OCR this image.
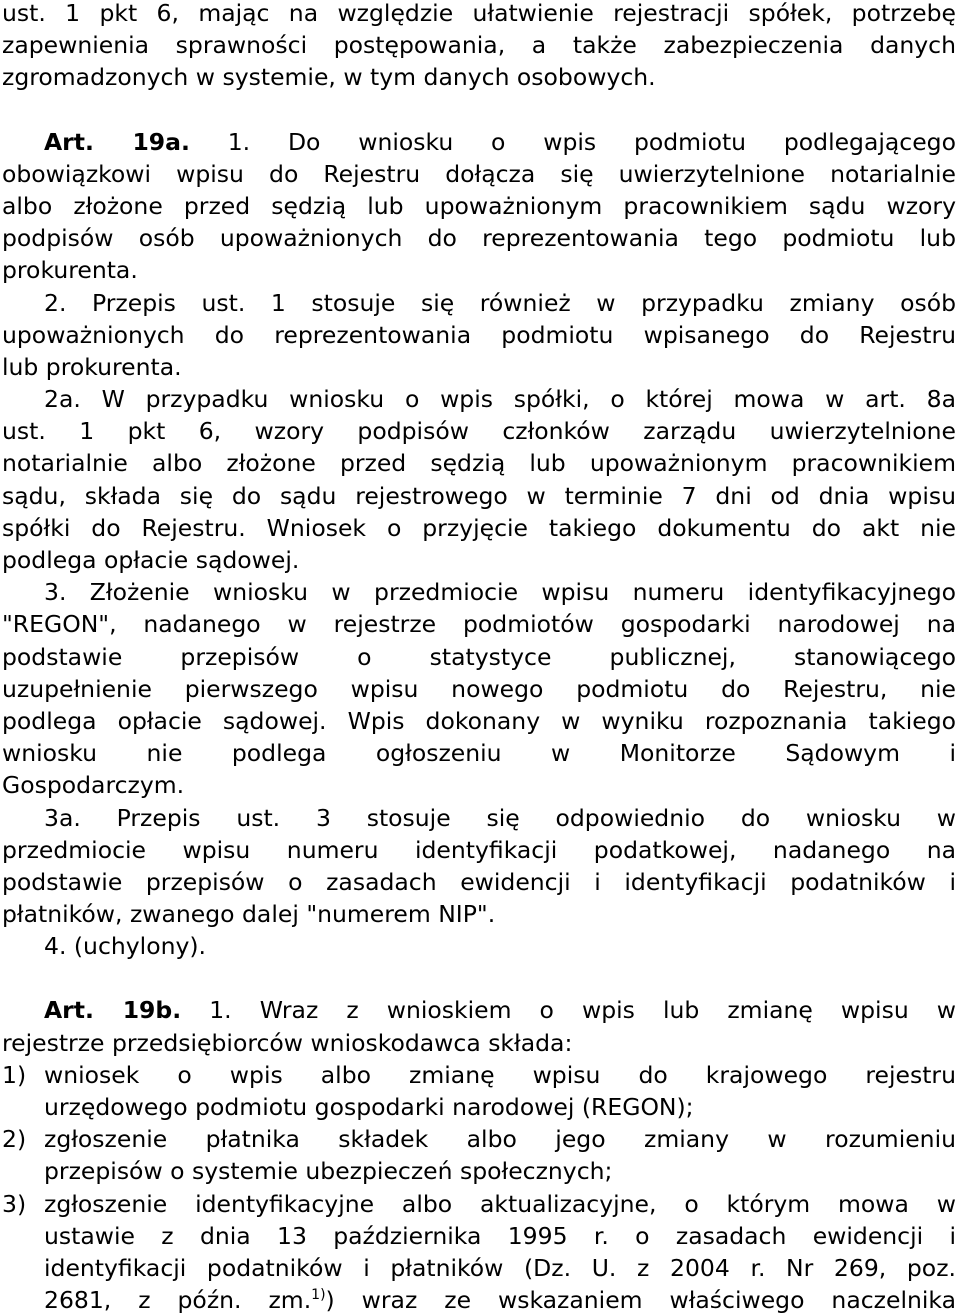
ust. 1 pkt 6, mając na względzie ułatwienie rejestracji spółek, potrzebę
zapewnienia sprawności postępowania, a także zabezpieczenia danych
zgromadzonych w systemie, w tym danych osobowych.
Art. 19a. 1. Do wniosku o wpis podmiotu podlegającego
obowiązkowi wpisu do Rejestru dołącza się uwierzytelnione notarialnie
albo złożone przed sędzią lub upoważnionym pracownikiem sądu wzory
podpisów osób upoważnionych do reprezentowania tego podmiotu lub
prokurenta.
2. Przepis ust. 1 stosuje się również w przypadku zmiany osób
upoważnionych do reprezentowania podmiotu wpisanego do Rejestru
lub prokurenta.
2a. W przypadku wniosku o wpis spółki, o której mowa w art. 8a
ust. 1 pkt 6, wzory podpisów członków zarządu uwierzytelnione
notarialnie albo złożone przed sędzią lub upoważnionym pracownikiem
sądu, składa się do sądu rejestrowego w terminie 7 dni od dnia wpisu
spółki do Rejestru. Wniosek o przyjęcie takiego dokumentu do akt nie
podlega opłacie sądowej.
3. Złożenie wniosku w przedmiocie wpisu numeru identyfikacyjnego
"REGON", nadanego w rejestrze podmiotów gospodarki narodowej na
podstawie przepisów o statystyce publicznej, stanowiącego
uzupełnienie pierwszego wpisu nowego podmiotu do Rejestru, nie
podlega opłacie sądowej. Wpis dokonany w wyniku rozpoznania takiego
wniosku nie podlega ogłoszeniu w Monitorze Sądowym i
Gospodarczym.
3a. Przepis ust. 3 stosuje się odpowiednio do wniosku w
przedmiocie wpisu numeru identyfikacji podatkowej, nadanego na
podstawie przepisów o zasadach ewidencji i identyfikacji podatników i
płatników, zwanego dalej "numerem NIP".
4. (uchylony).
Art. 19b. 1. Wraz z wnioskiem o wpis lub zmianę wpisu w
rejestrze przedsiębiorców wnioskodawca składa:
1) wniosek o wpis albo zmianę wpisu do krajowego rejestru
urzędowego podmiotu gospodarki narodowej (REGON);
2) zgłoszenie płatnika składek albo jego zmiany w rozumieniu
przepisów o systemie ubezpieczeń społecznych;
3) zgłoszenie identyfikacyjne albo aktualizacyjne, o którym mowa w
ustawie z dnia 13 października 1995 r. o zasadach ewidencji i
identyfikacji podatników i płatników (Dz. U. z 2004 r. Nr 269, poz.
2681, z późn. zm.$^{1)}$) wraz ze wskazaniem właściwego naczelnika
